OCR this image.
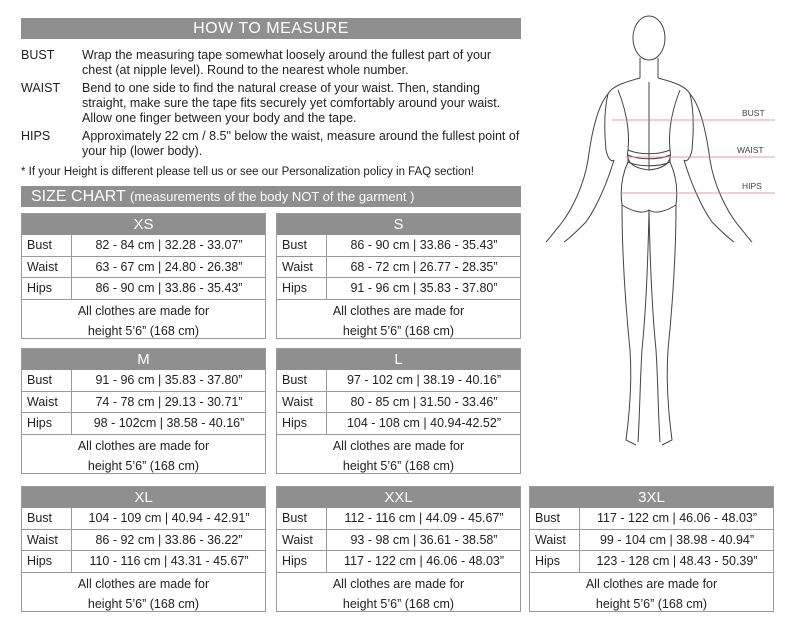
HOW TO MEASURE
BUST Wrap the measuring tape somewhat loosely around the fullest part of your chest (at nipple level). Round to the nearest whole number.
WAIST Bend to one side to find the natural crease of your waist. Then, standing straight, make sure the tape fits securely yet comfortably around your waist. Allow one finger between your body and the tape.
HIPS	Approximately 22 cm / 8.5" below the waist, measure around the fullest point of your hip (lower body).
* If your Height is different please tell us or see our Personalization policy in FAQ section!
SIZE CHART (measurements of the body NOT of the garment )
XS
Bust	82 - 84 cm | 32.28 - 33.07”
Waist	63 - 67 cm | 24.80 - 26.38”
Hips	86 - 90 cm | 33.86 - 35.43”
All clothes are made for
height 5’6” (168 cm)
S
Bust	86 - 90 cm | 33.86 - 35.43”
Waist	68 - 72 cm | 26.77 - 28.35”
Hips	91 - 96 cm | 35.83 - 37.80”
All clothes are made for
height 5’6” (168 cm)
M
Bust	91 - 96 cm | 35.83 - 37.80”
Waist	74 - 78 cm | 29.13 - 30.71”
Hips	98 - 102cm | 38.58 - 40.16”
All clothes are made for
height 5’6” (168 cm)
L
Bust	97 - 102 cm | 38.19 - 40.16”
Waist	80 - 85 cm | 31.50 - 33.46”
Hips	104 - 108 cm | 40.94-42.52”
All clothes are made for
height 5’6” (168 cm)
XL
Bust	104 - 109 cm | 40.94 - 42.91”
Waist	86 - 92 cm | 33.86 - 36.22”
Hips	110 - 116 cm | 43.31 - 45.67”
All clothes are made for
height 5’6” (168 cm)
XXL
Bust	112 - 116 cm | 44.09 - 45.67”
Waist	93 - 98 cm | 36.61 - 38.58”
Hips	117 - 122 cm | 46.06 - 48.03”
All clothes are made for
height 5’6” (168 cm)
3XL
Bust	117 - 122 cm | 46.06 - 48.03”
Waist	99 - 104 cm | 38.98 - 40.94”
Hips	123 - 128 cm | 48.43 - 50.39”
All clothes are made for
height 5’6” (168 cm)
BUST
WAIST
HIPS
